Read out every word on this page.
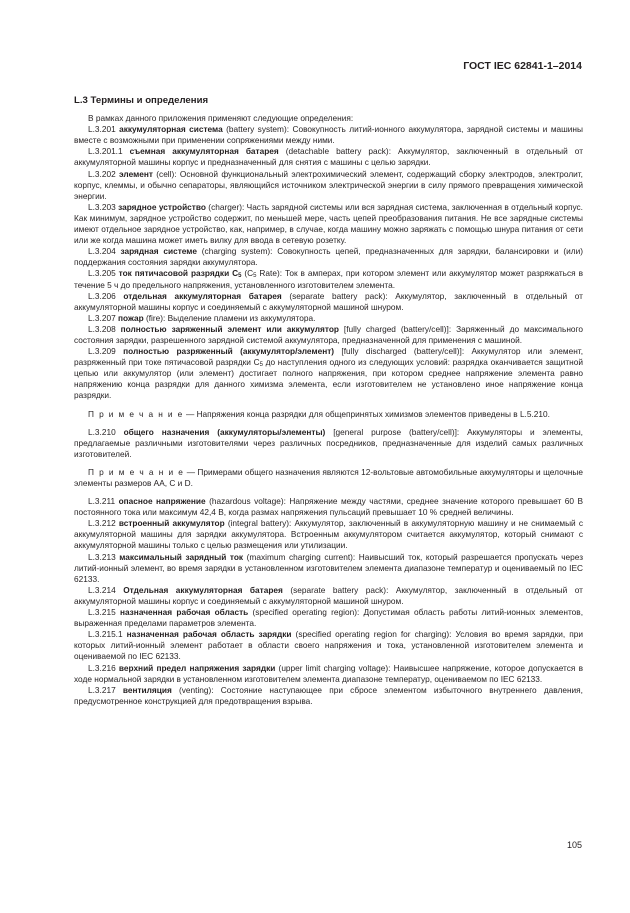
ГОСТ IEC 62841-1–2014
L.3 Термины и определения

В рамках данного приложения применяют следующие определения:

L.3.201 аккумуляторная система (battery system): Совокупность литий-ионного аккумулятора, зарядной системы и машины вместе с возможными при применении сопряжениями между ними.

L.3.201.1 съемная аккумуляторная батарея (detachable battery pack): Аккумулятор, заключенный в отдельный от аккумуляторной машины корпус и предназначенный для снятия с машины с целью зарядки.

L.3.202 элемент (cell): Основной функциональный электрохимический элемент, содержащий сборку электродов, электролит, корпус, клеммы, и обычно сепараторы, являющийся источником электрической энергии в силу прямого превращения химической энергии.

L.3.203 зарядное устройство (charger): Часть зарядной системы или вся зарядная система, заключенная в отдельный корпус. Как минимум, зарядное устройство содержит, по меньшей мере, часть цепей преобразования питания. Не все зарядные системы имеют отдельное зарядное устройство, как, например, в случае, когда машину можно заряжать с помощью шнура питания от сети или же когда машина может иметь вилку для ввода в сетевую розетку.

L.3.204 зарядная системе (charging system): Совокупность цепей, предназначенных для зарядки, балансировки и (или) поддержания состояния зарядки аккумулятора.

L.3.205 ток пятичасовой разрядки $C_5$ ($C_5$ Rate): Ток в амперах, при котором элемент или аккумулятор может разряжаться в течение 5 ч до предельного напряжения, установленного изготовителем элемента.

L.3.206 отдельная аккумуляторная батарея (separate battery pack): Аккумулятор, заключенный в отдельный от аккумуляторной машины корпус и соединяемый с аккумуляторной машиной шнуром.

L.3.207 пожар (fire): Выделение пламени из аккумулятора.

L.3.208 полностью заряженный элемент или аккумулятор [fully charged (battery/cell)]: Заряженный до максимального состояния зарядки, разрешенного зарядной системой аккумулятора, предназначенной для применения с машиной.

L.3.209 полностью разряженный (аккумулятор/элемент) [fully discharged (battery/cell)]: Аккумулятор или элемент, разряженный при токе пятичасовой разрядки $C_5$ до наступления одного из следующих условий: разрядка оканчивается защитной цепью или аккумулятор (или элемент) достигает полного напряжения, при котором среднее напряжение элемента равно напряжению конца разрядки для данного химизма элемента, если изготовителем не установлено иное напряжение конца разрядки.

П р и м е ч а н и е — Напряжения конца разрядки для общепринятых химизмов элементов приведены в L.5.210.

L.3.210 общего назначения (аккумуляторы/элементы) [general purpose (battery/cell)]: Аккумуляторы и элементы, предлагаемые различными изготовителями через различных посредников, предназначенные для изделий самых различных изготовителей.

П р и м е ч а н и е — Примерами общего назначения являются 12-вольтовые автомобильные аккумуляторы и щелочные элементы размеров AA, C и D.

L.3.211 опасное напряжение (hazardous voltage): Напряжение между частями, среднее значение которого превышает 60 В постоянного тока или максимум 42,4 В, когда размах напряжения пульсаций превышает 10 % средней величины.

L.3.212 встроенный аккумулятор (integral battery): Аккумулятор, заключенный в аккумуляторную машину и не снимаемый с аккумуляторной машины для зарядки аккумулятора. Встроенным аккумулятором считается аккумулятор, который снимают с аккумуляторной машины только с целью размещения или утилизации.

L.3.213 максимальный зарядный ток (maximum charging current): Наивысший ток, который разрешается пропускать через литий-ионный элемент, во время зарядки в установленном изготовителем элемента диапазоне температур и оцениваемый по IEC 62133.

L.3.214 Отдельная аккумуляторная батарея (separate battery pack): Аккумулятор, заключенный в отдельный от аккумуляторной машины корпус и соединяемый с аккумуляторной машиной шнуром.

L.3.215 назначенная рабочая область (specified operating region): Допустимая область работы литий-ионных элементов, выраженная пределами параметров элемента.

L.3.215.1 назначенная рабочая область зарядки (specified operating region for charging): Условия во время зарядки, при которых литий-ионный элемент работает в области своего напряжения и тока, установленной изготовителем элемента и оцениваемой по IEC 62133.

L.3.216 верхний предел напряжения зарядки (upper limit charging voltage): Наивысшее напряжение, которое допускается в ходе нормальной зарядки в установленном изготовителем элемента диапазоне температур, оцениваемом по IEC 62133.

L.3.217 вентиляция (venting): Состояние наступающее при сбросе элементом избыточного внутреннего давления, предусмотренное конструкцией для предотвращения взрыва.

105
